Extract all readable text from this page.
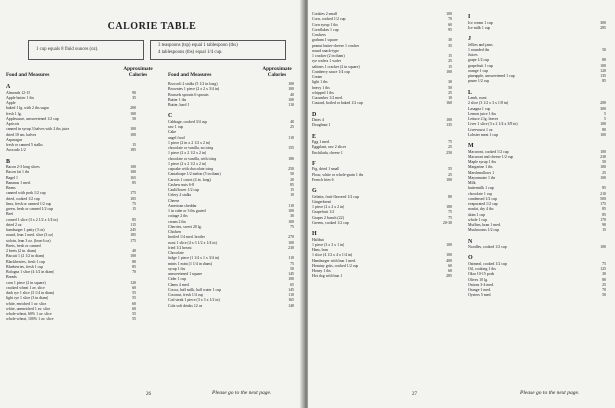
CALORIE TABLE
1 cup equals 8 fluid ounces (oz).
3 teaspoons (tsp) equal 1 tablespoon (tbs)
4 tablespoons (tbs) equal 1/4 cup.
Food and Measures
Approximate
Calories	Food and Measures
Approximate
Calories
A
Almonds 12-15	90
Apple butter 1 tbs	35
Apple
baked 1 lg. with 2 tbs sugar	200
fresh 1 lg.	100
Applesauce, unsweetened 1/2 cup	50
Apricots
canned in syrup 3 halves with 2 tbs juice	100
dried 10 sm. halves	100
Asparagus
fresh or canned 5 stalks	15
Avocado 1/2	185
B
Bacon 2-3 long slices	100
Bacon fat 1 tbs	100
Bagel 1	165
Bananas 1 med.	85
Beans
canned with pork 1/2 cup	175
dried, cooked 1/2 cup	105
lima, fresh or canned 1/2 cup	75
green, fresh or canned 1/2 cup	15
Beef
corned 1 slice (3 x 2 1/2 x 1/4 in)	85
dried 2 oz	115
hamburger 1 patty (3 oz)	245
round, lean 1 med. slice (3 oz)	185
sirloin, lean 3 oz. (lean 6 oz)	175
Beets, fresh or canned
2 beets (2 in. diam)	40
Biscuit 1 (2 1/2 in diam)	100
Blackberries, fresh 1 cup	80
Blueberries, fresh 1 cup	85
Bologna 1 slice (4 1/2 in diam)	70
Breads
corn 1 piece (2 in square)	120
cracked wheat 1 av. slice	60
dark rye 1 slice (3 1/4 in diam)	55
light rye 1 slice (3 in diam)	55
white, enriched 1 av. slice	60
white, unenriched 1 av. slice	60
whole-wheat, 60% 1 av. slice	55
whole-wheat, 100% 1 av. slice	55
Broccoli 2 stalks (5 1/2 in long)	100
Brownies 1 piece (2 x 2 x 3/4 in)	100
Brussels sprouts 6 sprouts	40
Butter 1 tbs	100
Butter, hard 1	110
C
Cabbage, cooked 3/4 cup	40
raw 1 cup	25
Cake
angel food	110
1 piece (2 in x 2 1/2 x 2 in)
chocolate or vanilla, no icing	155
1 piece (2 x 2 1/2 x 2 in)
chocolate or vanilla, with icing	180
1 piece (2 x 2 1/2 x 2 in)
cupcake with chocolate icing	250
Cantaloupe 1/2 melon (5 in diam)	50
Carrots 1 carrot (4 in. long)	20
Cashew nuts 6-8	85
Cauliflower 1/2 cup	15
Celery 2 stalks	10
Cheese
American cheddar	110
1 in cube or 3 tbs grated	100
cottage 2 tbs	30
cream 2 tbs	100
Cherries, sweet 20 lg.	75
Chicken
broiled 1/4 med. broiler	270
roast 1 slice (4 x 3 1/2 x 1/4 in)	100
fried 1/2 breast	230
Chocolate
fudge 1 piece (1 1/4 x 1 x 3/4 in)	110
mints 1 mint (1 1/4 in diam)	75
syrup 1 tbs	50
unsweetened 1 square	145
Cider 1 cup	100
Clams 4 med.	65
Cocoa, half milk, half water 1 cup	145
Coconut, fresh 1/4 cup	110
Cod steak 1 piece (3 x 3 x 1/2 in)	165
Cola soft drinks 12 oz	140
26	Please go to the next page.
Cookies 2 small	100
Corn, cooked 1/2 cup	70
Corn syrup 1 tbs	60
Cornflakes 1 cup	95
Crackers
graham 1 square	30
peanut butter-cheese 1 cracker	35
round snack-type
1 cracker (2 in diam)	15
rye wafers 1 wafer	25
saltines 1 cracker (2 in square)	15
Cranberry sauce 1/4 cup	100
Cream
light 1 tbs	30
heavy 1 tbs	50
whipped 1 tbs	25
Cucumber 1/2 med.	10
Custard, boiled or baked 1/2 cup	160
D
Dates 4	100
Doughnut 1	135
E
Egg 1 med.	75
Eggplant, raw 2 slices	25
Enchilada, cheese 1	250
F
Fig, dried 1 small	55
Flour, white or whole-grain 1 tbs	25
French fries 6	100
G
Gelatin, fruit-flavored 1/2 cup	80
Gingerbread
1 piece (2 x 2 x 2 in)	180
Grapefruit 1/2	75
Grapes 2 bunch (22)	75
Greens, cooked 1/2 cup	20-30
H
Halibut
1 piece (3 x 3 x 1 in)	100
Ham, lean
1 slice (4 1/2 x 4 x 1/4 in)	100
Hamburger with bun 1 med.	400
Hominy grits, cooked 1/2 cup	60
Honey 1 tbs	60
Hot dog with bun 1	285
I
Ice cream 1 cup	300
Ice milk 1 cup	285
J
Jellies and jams
1 rounded tbs	50
Juices
grape 1/2 cup	80
grapefruit 1 cup	100
orange 1 cup	120
pineapple, unsweetened 1 cup	135
prune 1/2 cup	85
L
Lamb, roast
2 slice (3 1/2 x 3 x 1/8 in)	200
Lasagna 1 cup	300
Lemon juice 1 tbs	5
Lettuce 2 lg. leaves	5
Liver 1 slice (3 x 2 1/4 x 3/8 in)	100
Liverwurst 1 oz	80
Lobster meat 1 cup	100
M
Macaroni, cooked 1/2 cup	100
Macaroni and cheese 1/2 cup	230
Maple syrup 1 tbs	50
Margarine 1 tbs	100
Marshmallows 1	25
Mayonnaise 1 tbs	100
Milk
buttermilk 1 cup	85
chocolate 1 cup	210
condensed 1/2 cup	500
evaporated 1/2 cup	175
nonfat, dry 4 tbs	85
skim 1 cup	85
whole 1 cup	170
Muffins, bran 1 med.	90
Mushrooms 1/2 cup	15
N
Noodles, cooked 1/2 cup	100
O
Oatmeal, cooked 1/2 cup	75
Oil, cooking 1 tbs	125
Okra 10-15 pods	30
Olives 10 lg.	80
Onions 3-4 med.	25
Orange 1 med.	70
Oysters 5 med.	50
27	Please go to the next page.
